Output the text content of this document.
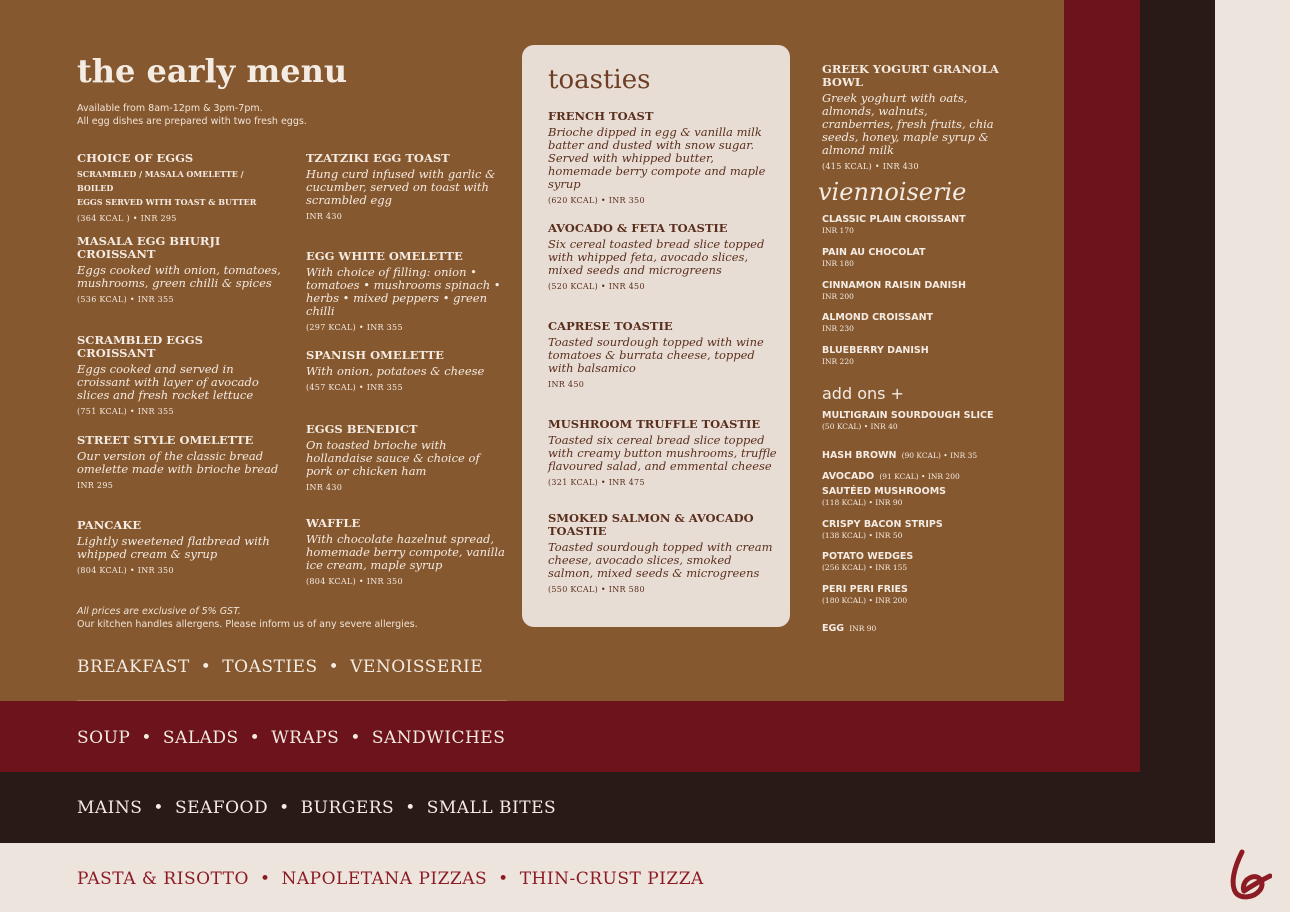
the early menu
Available from 8am-12pm & 3pm-7pm.
All egg dishes are prepared with two fresh eggs.
CHOICE OF EGGS
SCRAMBLED / MASALA OMELETTE / BOILED
EGGS SERVED WITH TOAST & BUTTER
(364 KCAL ) • INR 295
MASALA EGG BHURJI CROISSANT
Eggs cooked with onion, tomatoes, mushrooms, green chilli & spices
(536 KCAL) • INR 355
SCRAMBLED EGGS CROISSANT
Eggs cooked and served in croissant with layer of avocado slices and fresh rocket lettuce
(751 KCAL) • INR 355
STREET STYLE OMELETTE
Our version of the classic bread omelette made with brioche bread
INR 295
PANCAKE
Lightly sweetened flatbread with whipped cream & syrup
(804 KCAL) • INR 350
TZATZIKI EGG TOAST
Hung curd infused with garlic & cucumber, served on toast with scrambled egg
INR 430
EGG WHITE OMELETTE
With choice of filling: onion • tomatoes • mushrooms spinach • herbs • mixed peppers • green chilli
(297 KCAL) • INR 355
SPANISH OMELETTE
With onion, potatoes & cheese
(457 KCAL) • INR 355
EGGS BENEDICT
On toasted brioche with hollandaise sauce & choice of pork or chicken ham
INR 430
WAFFLE
With chocolate hazelnut spread, homemade berry compote, vanilla ice cream, maple syrup
(804 KCAL) • INR 350
All prices are exclusive of 5% GST.
Our kitchen handles allergens. Please inform us of any severe allergies.
toasties
FRENCH TOAST
Brioche dipped in egg & vanilla milk batter and dusted with snow sugar. Served with whipped butter, homemade berry compote and maple syrup
(620 KCAL) • INR 350
AVOCADO & FETA TOASTIE
Six cereal toasted bread slice topped with whipped feta, avocado slices, mixed seeds and microgreens
(520 KCAL) • INR 450
CAPRESE TOASTIE
Toasted sourdough topped with wine tomatoes & burrata cheese, topped with balsamico
INR 450
MUSHROOM TRUFFLE TOASTIE
Toasted six cereal bread slice topped with creamy button mushrooms, truffle flavoured salad, and emmental cheese
(321 KCAL) • INR 475
SMOKED SALMON & AVOCADO TOASTIE
Toasted sourdough topped with cream cheese, avocado slices, smoked salmon, mixed seeds & microgreens
(550 KCAL) • INR 580
GREEK YOGURT GRANOLA BOWL
Greek yoghurt with oats, almonds, walnuts, cranberries, fresh fruits, chia seeds, honey, maple syrup & almond milk
(415 KCAL) • INR 430
viennoiserie
CLASSIC PLAIN CROISSANT
INR 170
PAIN AU CHOCOLAT
INR 180
CINNAMON RAISIN DANISH
INR 200
ALMOND CROISSANT
INR 230
BLUEBERRY DANISH
INR 220
add ons +
MULTIGRAIN SOURDOUGH SLICE
(50 KCAL) • INR 40
HASH BROWN (90 KCAL) • INR 35
AVOCADO (91 KCAL) • INR 200
SAUTÉED MUSHROOMS
(118 KCAL) • INR 90
CRISPY BACON STRIPS
(138 KCAL) • INR 50
POTATO WEDGES
(256 KCAL) • INR 155
PERI PERI FRIES
(180 KCAL) • INR 200
EGG INR 90
BREAKFAST • TOASTIES • VENOISSERIE
SOUP • SALADS • WRAPS • SANDWICHES
MAINS • SEAFOOD • BURGERS • SMALL BITES
PASTA & RISOTTO • NAPOLETANA PIZZAS • THIN-CRUST PIZZA
